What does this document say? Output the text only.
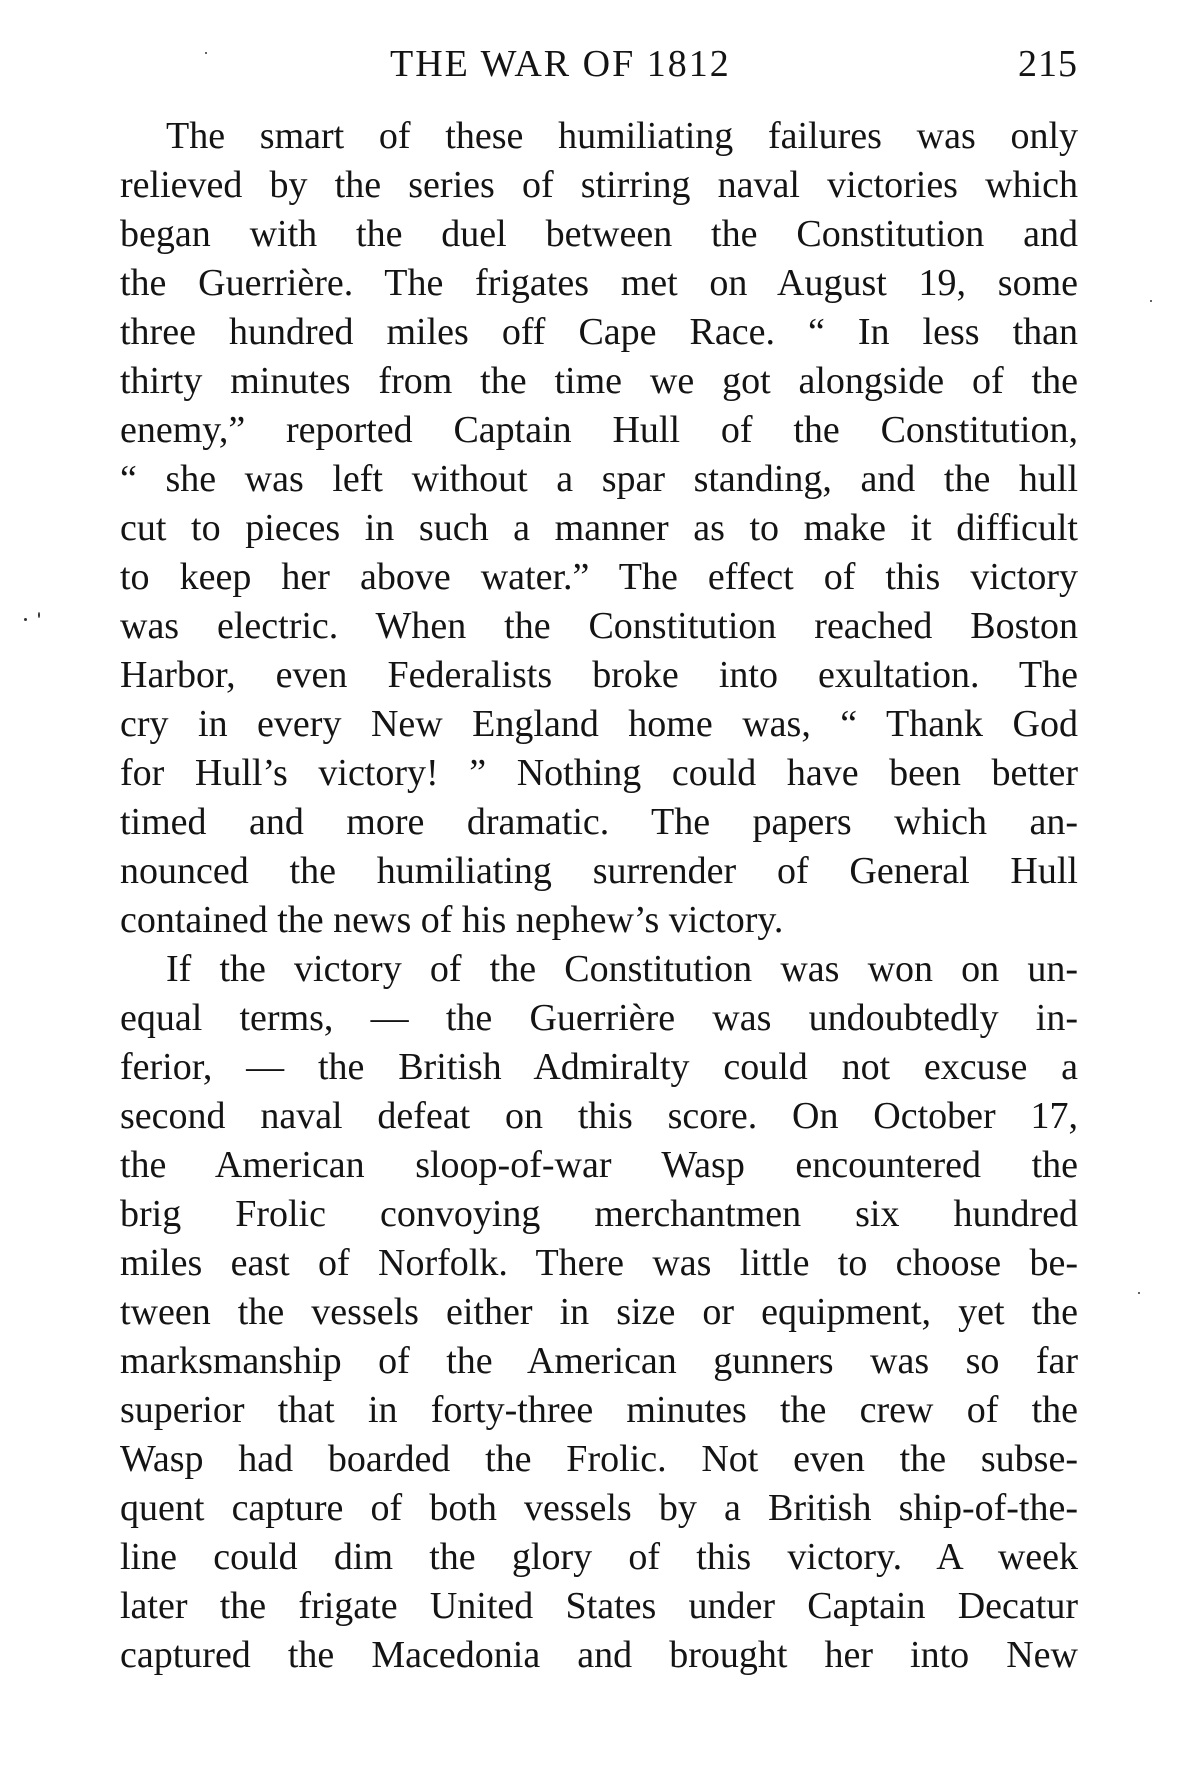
THE WAR OF 1812	215
The smart of these humiliating failures was only
relieved by the series of stirring naval victories which
began with the duel between the Constitution and
the Guerrière. The frigates met on August 19, some
three hundred miles off Cape Race. “ In less than
thirty minutes from the time we got alongside of the
enemy,” reported Captain Hull of the Constitution,
“ she was left without a spar standing, and the hull
cut to pieces in such a manner as to make it difficult
to keep her above water.” The effect of this victory
was electric. When the Constitution reached Boston
Harbor, even Federalists broke into exultation. The
cry in every New England home was, “ Thank God
for Hull’s victory! ” Nothing could have been better
timed and more dramatic. The papers which an-
nounced the humiliating surrender of General Hull
contained the news of his nephew’s victory.
If the victory of the Constitution was won on un-
equal terms, — the Guerrière was undoubtedly in-
ferior, — the British Admiralty could not excuse a
second naval defeat on this score. On October 17,
the American sloop-of-war Wasp encountered the
brig Frolic convoying merchantmen six hundred
miles east of Norfolk. There was little to choose be-
tween the vessels either in size or equipment, yet the
marksmanship of the American gunners was so far
superior that in forty-three minutes the crew of the
Wasp had boarded the Frolic. Not even the subse-
quent capture of both vessels by a British ship-of-the-
line could dim the glory of this victory. A week
later the frigate United States under Captain Decatur
captured the Macedonia and brought her into New
